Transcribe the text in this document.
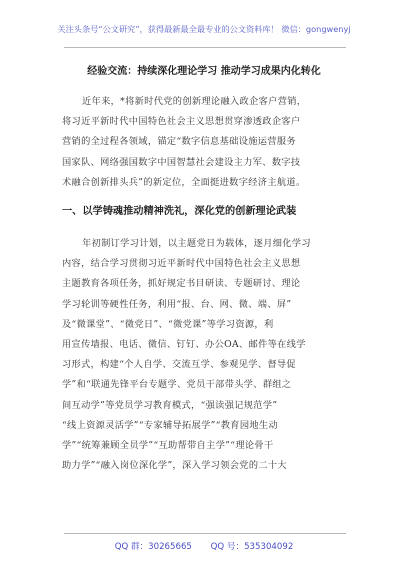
关注头条号“公文研究”，获得最新最全最专业的公文资料库！ 微信：gongwenyj
经验交流：持续深化理论学习 推动学习成果内化转化
近年来，*将新时代党的创新理论融入政企客户营销，
将习近平新时代中国特色社会主义思想贯穿渗透政企客户
营销的全过程各领域，锚定“数字信息基础设施运营服务
国家队、网络强国数字中国智慧社会建设主力军、数字技
术融合创新排头兵”的新定位，全面挺进数字经济主航道。
一、以学铸魂推动精神洗礼，深化党的创新理论武装
年初制订学习计划，以主题党日为载体，逐月细化学习
内容，结合学习贯彻习近平新时代中国特色社会主义思想
主题教育各项任务，抓好规定书目研读、专题研讨、理论
学习轮训等硬性任务，利用“报、台、网、微、端、屏”
及“微课堂”、“微党日”、“微党课”等学习资源，利
用宣传墙报、电话、微信、钉钉、办公OA、邮件等在线学
习形式，构建“个人自学、交流互学、参观见学、督导促
学”和“联通先锋平台专题学、党员干部带头学、群组之
间互动学”等党员学习教育模式，“强读强记规范学”
“线上资源灵活学”“专家辅导拓展学”“教育园地生动
学”“统筹兼顾全员学”“互助帮带自主学”“理论骨干
助力学”“融入岗位深化学”，深入学习领会党的二十大
QQ 群：30265665 QQ 号：535304092
